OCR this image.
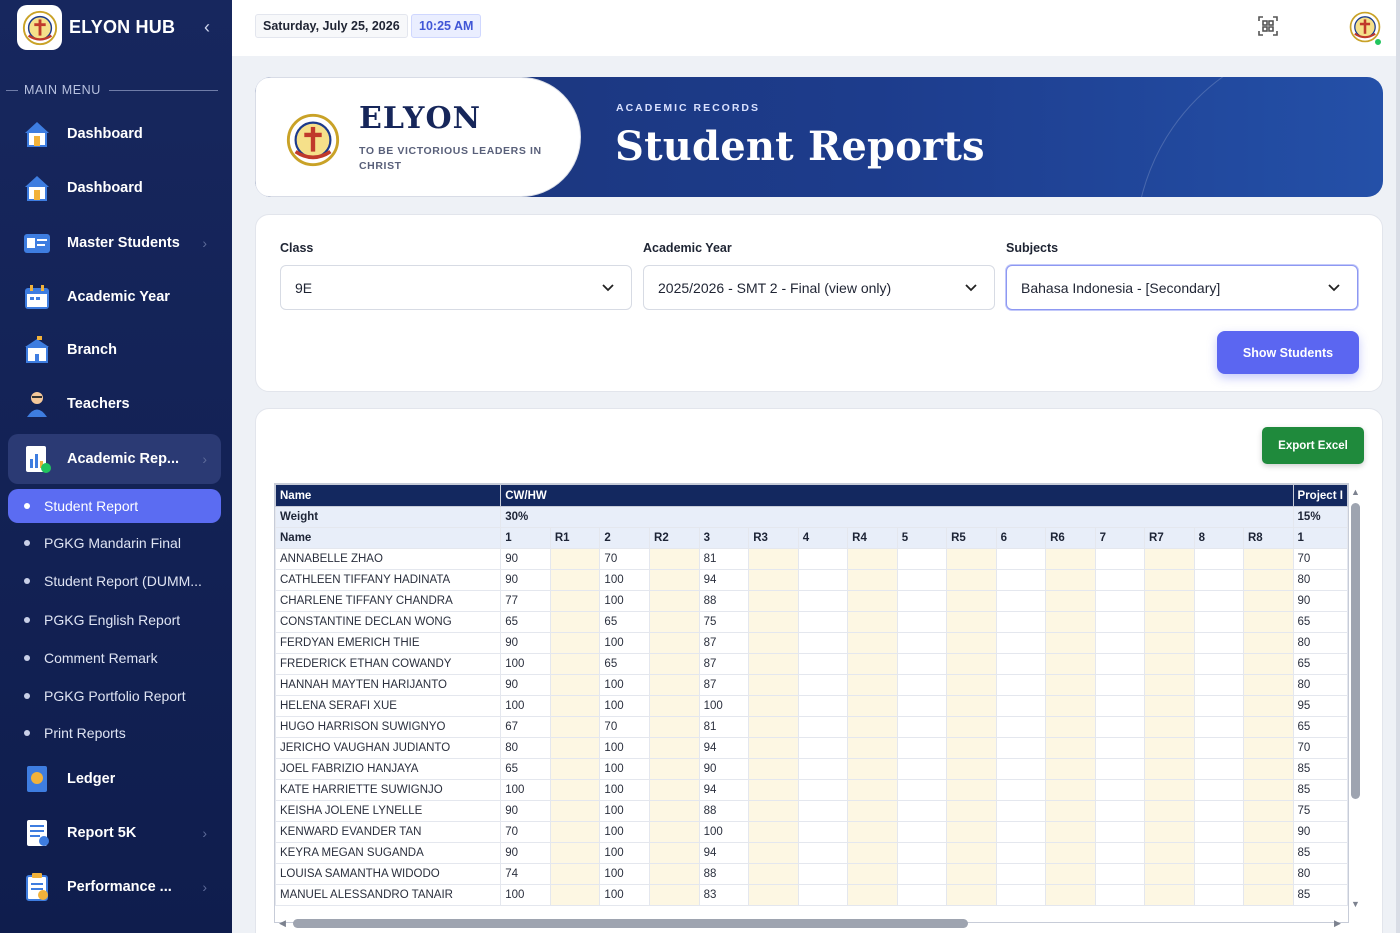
ELYON HUB ‹
MAIN MENU
Dashboard
Dashboard
Master Students ›
Academic Year
Branch
Teachers
Academic Rep... ›
Ledger
Report 5K	›
Performance ... ›
Student Report
PGKG Mandarin Final
Student Report (DUMM...
PGKG English Report
Comment Remark
PGKG Portfolio Report
Print Reports
Saturday, July 25, 2026	10:25 AM
ELYON
TO BE VICTORIOUS LEADERS IN CHRIST
ACADEMIC RECORDS
Student Reports
Class
9E
Academic Year
2025/2026 - SMT 2 - Final (view only)
Subjects
Bahasa Indonesia - [Secondary]
Show Students
Export Excel
Name	CW/HW																Project I
Weight	30%																15%
Name	1	R1	2	R2	3	R3	4	R4	5	R5	6	R6	7	R7	8	R8	1
ANNABELLE ZHAO	90		70		81												70
CATHLEEN TIFFANY HADINATA	90		100		94												80
CHARLENE TIFFANY CHANDRA	77		100		88												90
CONSTANTINE DECLAN WONG	65		65		75												65
FERDYAN EMERICH THIE	90		100		87												80
FREDERICK ETHAN COWANDY	100		65		87												65
HANNAH MAYTEN HARIJANTO	90		100		87												80
HELENA SERAFI XUE	100		100		100												95
HUGO HARRISON SUWIGNYO	67		70		81												65
JERICHO VAUGHAN JUDIANTO	80		100		94												70
JOEL FABRIZIO HANJAYA	65		100		90												85
KATE HARRIETTE SUWIGNJO	100		100		94												85
KEISHA JOLENE LYNELLE	90		100		88												75
KENWARD EVANDER TAN	70		100		100												90
KEYRA MEGAN SUGANDA	90		100		94												85
LOUISA SAMANTHA WIDODO	74		100		88												80
MANUEL ALESSANDRO TANAIR	100		100		83												85
▲
▼
◀	▶
